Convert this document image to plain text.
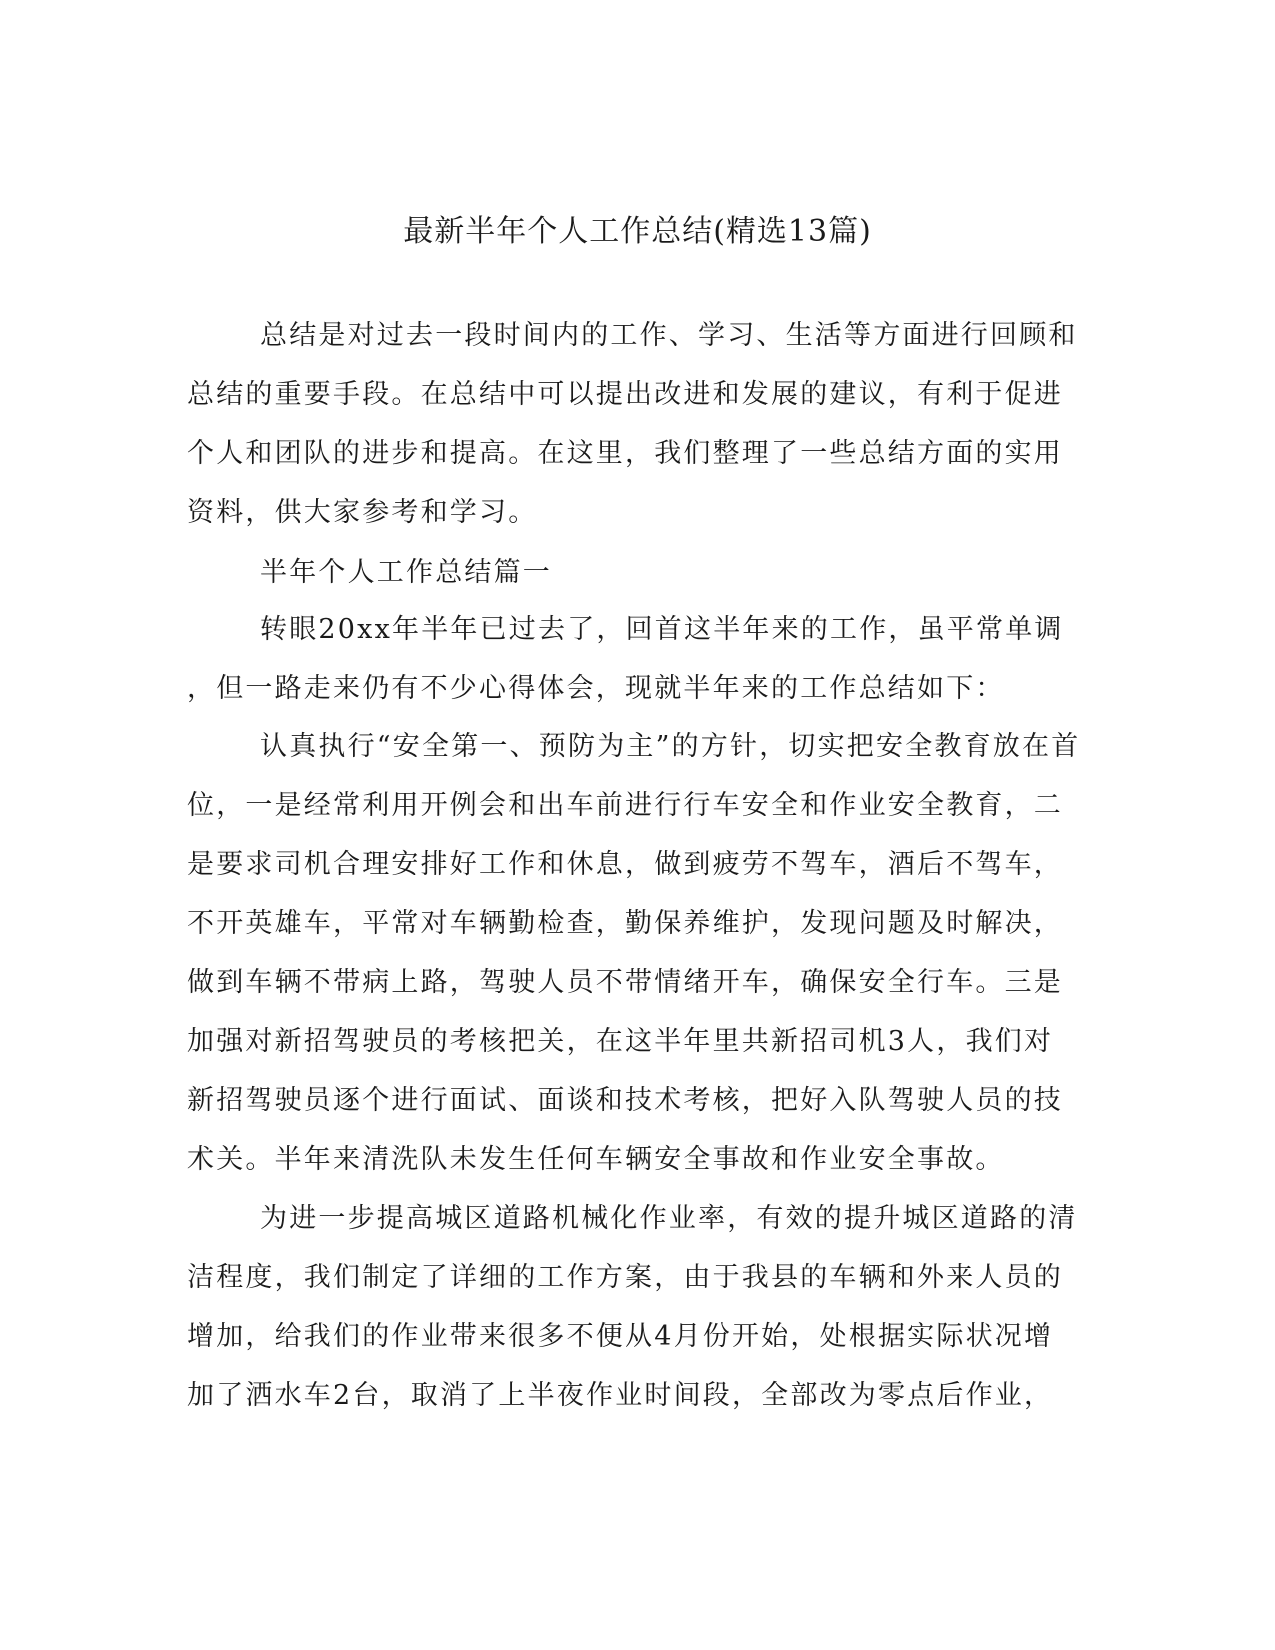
最新半年个人工作总结(精选13篇)

总结是对过去一段时间内的工作、学习、生活等方面进行回顾和

总结的重要手段。在总结中可以提出改进和发展的建议，有利于促进

个人和团队的进步和提高。在这里，我们整理了一些总结方面的实用

资料，供大家参考和学习。

半年个人工作总结篇一

转眼20xx年半年已过去了，回首这半年来的工作，虽平常单调

，但一路走来仍有不少心得体会，现就半年来的工作总结如下：

认真执行“安全第一、预防为主”的方针，切实把安全教育放在首

位，一是经常利用开例会和出车前进行行车安全和作业安全教育，二

是要求司机合理安排好工作和休息，做到疲劳不驾车，酒后不驾车，

不开英雄车，平常对车辆勤检查，勤保养维护，发现问题及时解决，

做到车辆不带病上路，驾驶人员不带情绪开车，确保安全行车。三是

加强对新招驾驶员的考核把关，在这半年里共新招司机3人，我们对

新招驾驶员逐个进行面试、面谈和技术考核，把好入队驾驶人员的技

术关。半年来清洗队未发生任何车辆安全事故和作业安全事故。

为进一步提高城区道路机械化作业率，有效的提升城区道路的清

洁程度，我们制定了详细的工作方案，由于我县的车辆和外来人员的

增加，给我们的作业带来很多不便从4月份开始，处根据实际状况增

加了洒水车2台，取消了上半夜作业时间段，全部改为零点后作业，
